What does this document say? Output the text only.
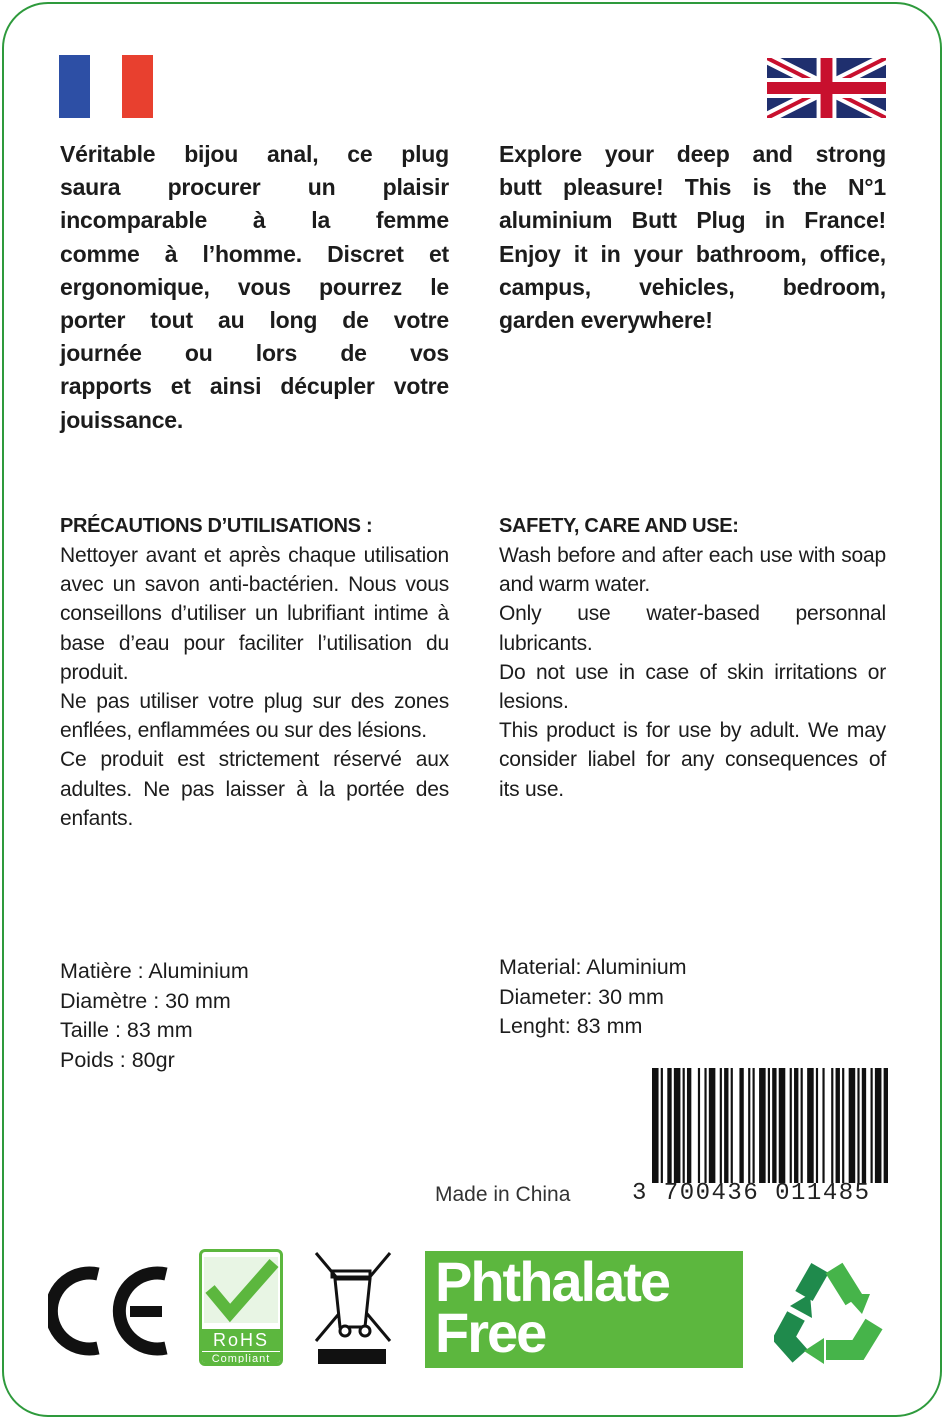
Véritable bijou anal, ce plug
saura procurer un plaisir
incomparable à la femme
comme à l’homme. Discret et
ergonomique, vous pourrez le
porter tout au long de votre
journée ou lors de vos
rapports et ainsi décupler votre
jouissance.
Explore your deep and strong
butt pleasure! This is the N°1
aluminium Butt Plug in France!
Enjoy it in your bathroom, office,
campus, vehicles, bedroom,
garden everywhere!
PRÉCAUTIONS D’UTILISATIONS :

Nettoyer avant et après chaque utilisation avec un savon anti-bactérien. Nous vous conseillons d’utiliser un lubrifiant intime à base d’eau pour faciliter l’utilisation du produit.

Ne pas utiliser votre plug sur des zones enflées, enflammées ou sur des lésions.

Ce produit est strictement réservé aux adultes. Ne pas laisser à la portée des enfants.

SAFETY, CARE AND USE:

Wash before and after each use with soap and warm water.

Only use water-based personnal lubricants.

Do not use in case of skin irritations or lesions.

This product is for use by adult. We may consider liabel for any consequences of its use.

Matière : Aluminium
Diamètre : 30 mm
Taille : 83 mm
Poids : 80gr
Material: Aluminium
Diameter: 30 mm
Lenght: 83 mm
3 700436 011485
Made in China
RoHS
Compliant
Phthalate
Free
